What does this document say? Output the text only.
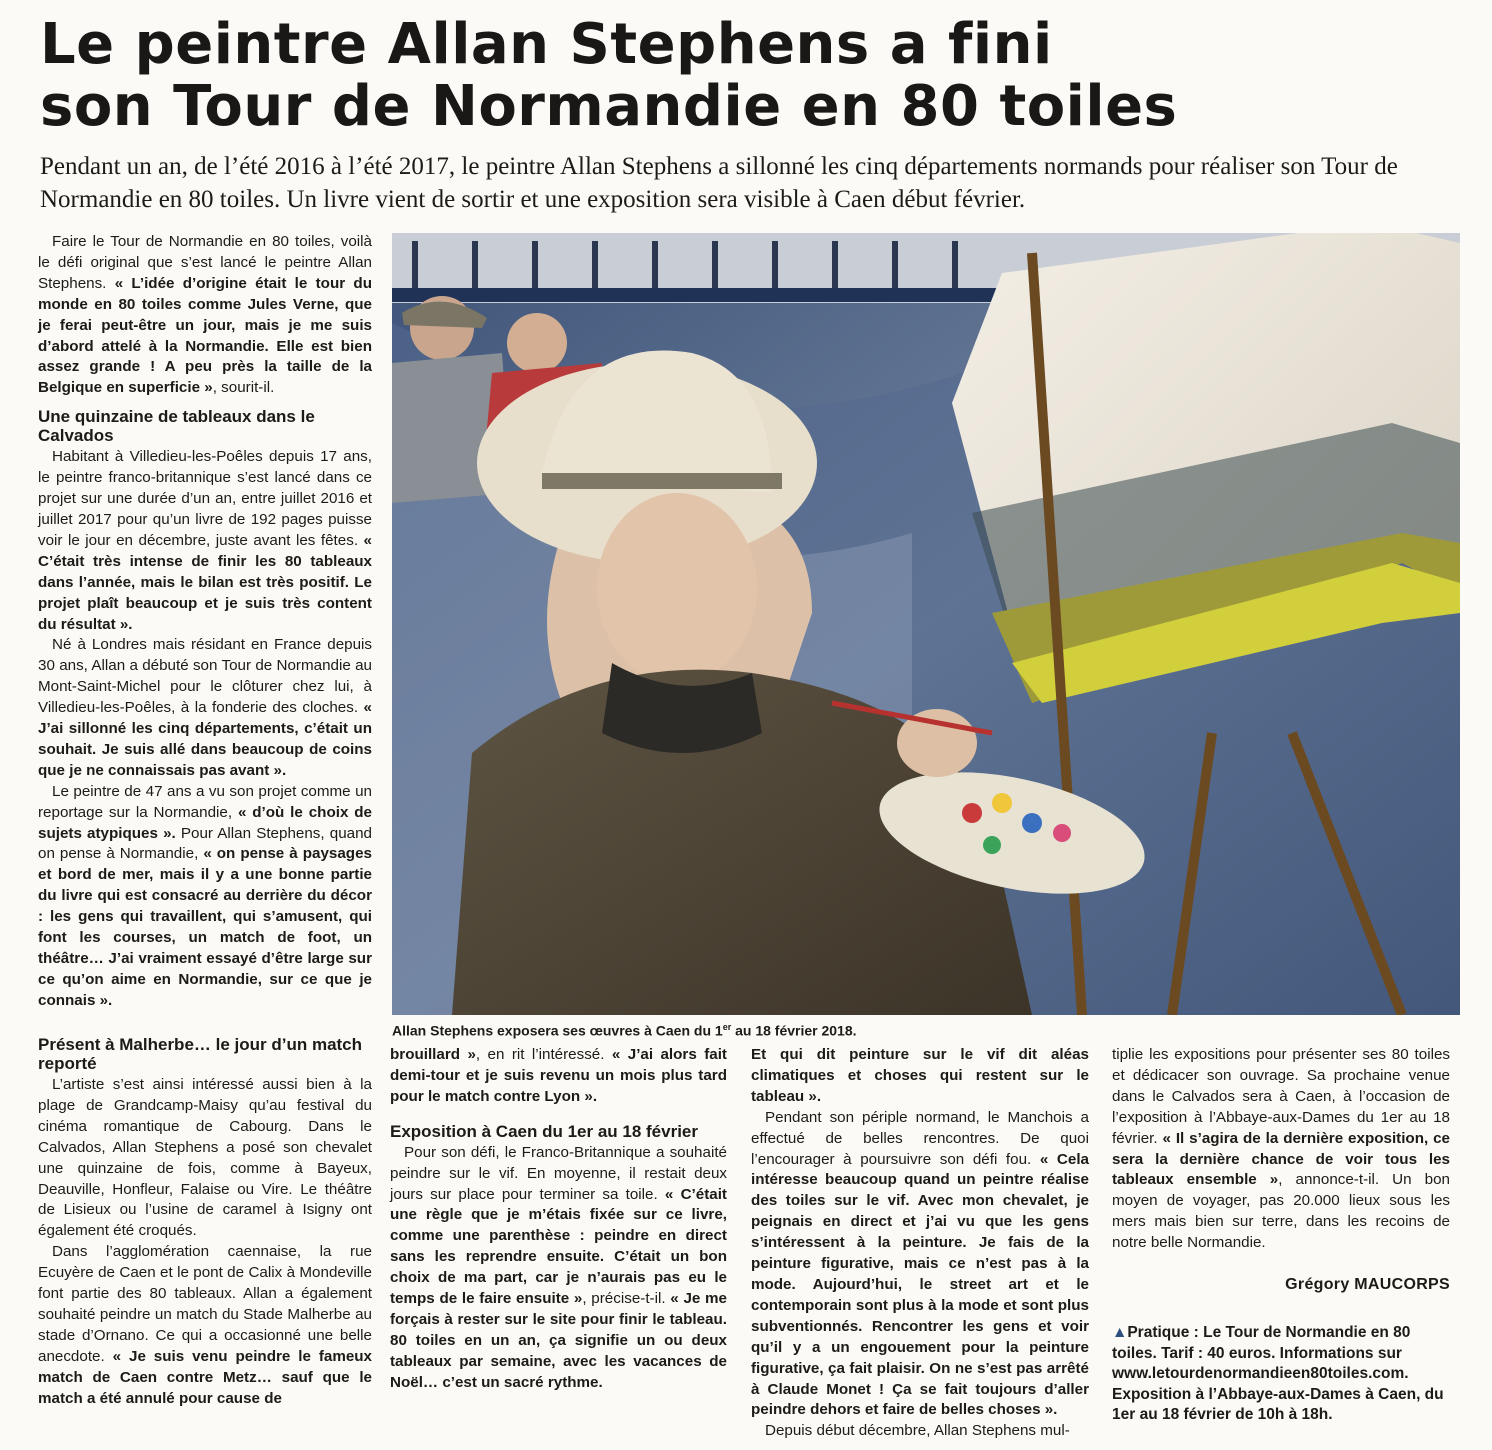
Le peintre Allan Stephens a fini
son Tour de Normandie en 80 toiles
Pendant un an, de l’été 2016 à l’été 2017, le peintre Allan Stephens a sillonné les cinq départements normands pour réaliser son Tour de Normandie en 80 toiles. Un livre vient de sortir et une exposition sera visible à Caen début février.

Faire le Tour de Normandie en 80 toiles, voilà le défi original que s’est lancé le peintre Allan Stephens. « L’idée d’origine était le tour du monde en 80 toiles comme Jules Verne, que je ferai peut-être un jour, mais je me suis d’abord attelé à la Normandie. Elle est bien assez grande ! A peu près la taille de la Belgique en superficie », sourit-il.

Une quinzaine de tableaux dans le Calvados

Habitant à Villedieu-les-Poêles depuis 17 ans, le peintre franco-britannique s’est lancé dans ce projet sur une durée d’un an, entre juillet 2016 et juillet 2017 pour qu’un livre de 192 pages puisse voir le jour en décembre, juste avant les fêtes. « C’était très intense de finir les 80 tableaux dans l’année, mais le bilan est très positif. Le projet plaît beaucoup et je suis très content du résultat ».

Né à Londres mais résidant en France depuis 30 ans, Allan a débuté son Tour de Normandie au Mont-Saint-Michel pour le clôturer chez lui, à Villedieu-les-Poêles, à la fonderie des cloches. « J’ai sillonné les cinq départements, c’était un souhait. Je suis allé dans beaucoup de coins que je ne connaissais pas avant ».

Le peintre de 47 ans a vu son projet comme un reportage sur la Normandie, « d’où le choix de sujets atypiques ». Pour Allan Stephens, quand on pense à Normandie, « on pense à paysages et bord de mer, mais il y a une bonne partie du livre qui est consacré au derrière du décor : les gens qui travaillent, qui s’amusent, qui font les courses, un match de foot, un théâtre… J’ai vraiment essayé d’être large sur ce qu’on aime en Normandie, sur ce que je connais ».

Présent à Malherbe… le jour d’un match reporté

L’artiste s’est ainsi intéressé aussi bien à la plage de Grandcamp-Maisy qu’au festival du cinéma romantique de Cabourg. Dans le Calvados, Allan Stephens a posé son chevalet une quinzaine de fois, comme à Bayeux, Deauville, Honfleur, Falaise ou Vire. Le théâtre de Lisieux ou l’usine de caramel à Isigny ont également été croqués.

Dans l’agglomération caennaise, la rue Ecuyère de Caen et le pont de Calix à Mondeville font partie des 80 tableaux. Allan a également souhaité peindre un match du Stade Malherbe au stade d’Ornano. Ce qui a occasionné une belle anecdote. « Je suis venu peindre le fameux match de Caen contre Metz… sauf que le match a été annulé pour cause de

Allan Stephens exposera ses œuvres à Caen du 1er au 18 février 2018.

brouillard », en rit l’intéressé. « J’ai alors fait demi-tour et je suis revenu un mois plus tard pour le match contre Lyon ».

Exposition à Caen du 1er au 18 février

Pour son défi, le Franco-Britannique a souhaité peindre sur le vif. En moyenne, il restait deux jours sur place pour terminer sa toile. « C’était une règle que je m’étais fixée sur ce livre, comme une parenthèse : peindre en direct sans les reprendre ensuite. C’était un bon choix de ma part, car je n’aurais pas eu le temps de le faire ensuite », précise-t-il. « Je me forçais à rester sur le site pour finir le tableau. 80 toiles en un an, ça signifie un ou deux tableaux par semaine, avec les vacances de Noël… c’est un sacré rythme.

Et qui dit peinture sur le vif dit aléas climatiques et choses qui restent sur le tableau ».

Pendant son périple normand, le Manchois a effectué de belles rencontres. De quoi l’encourager à poursuivre son défi fou. « Cela intéresse beaucoup quand un peintre réalise des toiles sur le vif. Avec mon chevalet, je peignais en direct et j’ai vu que les gens s’intéressent à la peinture. Je fais de la peinture figurative, mais ce n’est pas à la mode. Aujourd’hui, le street art et le contemporain sont plus à la mode et sont plus subventionnés. Rencontrer les gens et voir qu’il y a un engouement pour la peinture figurative, ça fait plaisir. On ne s’est pas arrêté à Claude Monet ! Ça se fait toujours d’aller peindre dehors et faire de belles choses ».

Depuis début décembre, Allan Stephens mul-

tiplie les expositions pour présenter ses 80 toiles et dédicacer son ouvrage. Sa prochaine venue dans le Calvados sera à Caen, à l’occasion de l’exposition à l’Abbaye-aux-Dames du 1er au 18 février. « Il s’agira de la dernière exposition, ce sera la dernière chance de voir tous les tableaux ensemble », annonce-t-il. Un bon moyen de voyager, pas 20.000 lieux sous les mers mais bien sur terre, dans les recoins de notre belle Normandie.

Grégory MAUCORPS
▲Pratique : Le Tour de Normandie en 80 toiles. Tarif : 40 euros. Informations sur www.letourdenormandieen80toiles.com. Exposition à l’Abbaye-aux-Dames à Caen, du 1er au 18 février de 10h à 18h.
